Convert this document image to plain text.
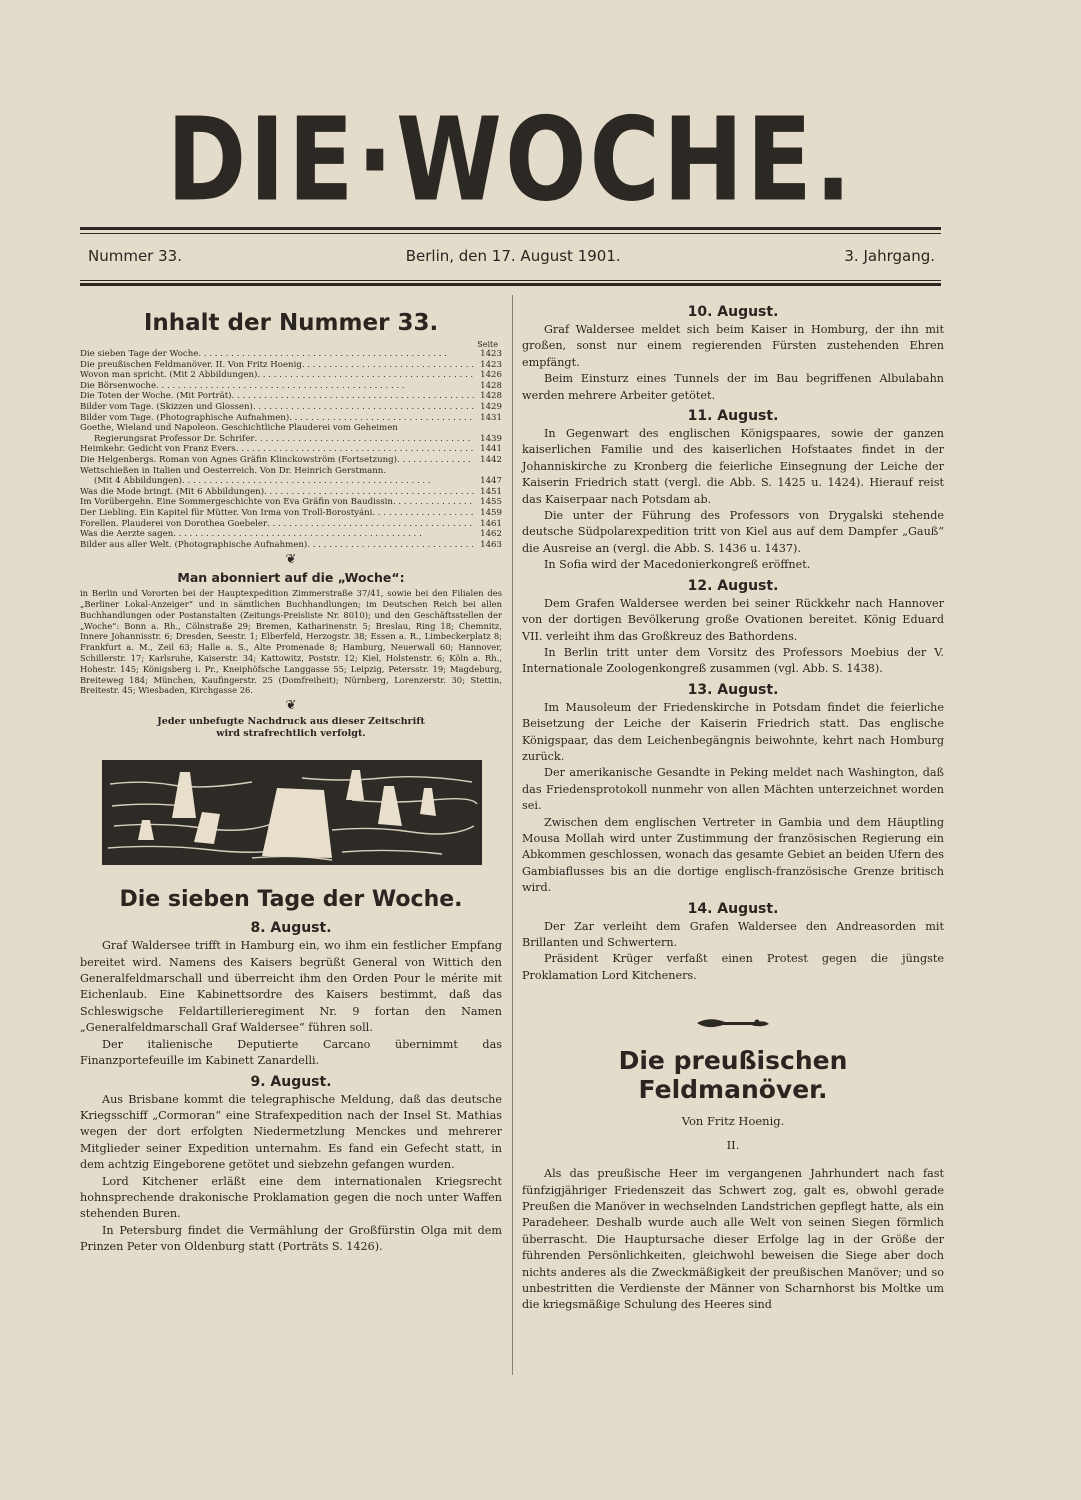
DIE·WOCHE.
Nummer 33.	Berlin, den 17. August 1901.	3. Jahrgang.
Inhalt der Nummer 33.
Seite
Die sieben Tage der Woche . . .	1423
Die preußischen Feldmanöver. II. Von Fritz Hoenig . . .	1423
Wovon man spricht. (Mit 2 Abbildungen) . . .	1426
Die Börsenwoche . . .	1428
Die Toten der Woche. (Mit Porträt) . . .	1428
Bilder vom Tage. (Skizzen und Glossen) . . .	1429
Bilder vom Tage. (Photographische Aufnahmen) . . .	1431
Goethe, Wieland und Napoleon. Geschichtliche Plauderei vom Geheimen
Regierungsrat Professor Dr. Schrifer . . .	1439
Heimkehr. Gedicht von Franz Evers . . .	1441
Die Helgenbergs. Roman von Agnes Gräfin Klinckowström (Fortsetzung) . . .	1442
Wettschießen in Italien und Oesterreich. Von Dr. Heinrich Gerstmann.
(Mit 4 Abbildungen) . . .	1447
Was die Mode bringt. (Mit 6 Abbildungen) . . .	1451
Im Vorübergehn. Eine Sommergeschichte von Eva Gräfin von Baudissin . . .	1455
Der Liebling. Ein Kapitel für Mütter. Von Irma von Troll-Borostyáni . . .	1459
Forellen. Plauderei von Dorothea Goebeler . . .	1461
Was die Aerzte sagen . . .	1462
Bilder aus aller Welt. (Photographische Aufnahmen) . . .	1463
❦
Man abonniert auf die „Woche“:
in Berlin und Vororten bei der Hauptexpedition Zimmerstraße 37/41, sowie bei den Filialen des „Berliner Lokal-Anzeiger“ und in sämtlichen Buchhandlungen; im Deutschen Reich bei allen Buchhandlungen oder Postanstalten (Zeitungs-Preisliste Nr. 8010); und den Geschäftsstellen der „Woche“: Bonn a. Rh., Cölnstraße 29; Bremen, Katharinenstr. 5; Breslau, Ring 18; Chemnitz, Innere Johannisstr. 6; Dresden, Seestr. 1; Elberfeld, Herzogstr. 38; Essen a. R., Limbeckerplatz 8; Frankfurt a. M., Zeil 63; Halle a. S., Alte Promenade 8; Hamburg, Neuerwall 60; Hannover, Schillerstr. 17; Karlsruhe, Kaiserstr. 34; Kattowitz, Poststr. 12; Kiel, Holstenstr. 6; Köln a. Rh., Hohestr. 145; Königsberg i. Pr., Kneiphöfsche Langgasse 55; Leipzig, Petersstr. 19; Magdeburg, Breiteweg 184; München, Kaufingerstr. 25 (Domfreiheit); Nürnberg, Lorenzerstr. 30; Stettin, Breitestr. 45; Wiesbaden, Kirchgasse 26.
❦
Jeder unbefugte Nachdruck aus dieser Zeitschrift
wird strafrechtlich verfolgt.
Die sieben Tage der Woche.
8. August.

Graf Waldersee trifft in Hamburg ein, wo ihm ein festlicher Empfang bereitet wird. Namens des Kaisers begrüßt General von Wittich den Generalfeldmarschall und überreicht ihm den Orden Pour le mérite mit Eichenlaub. Eine Kabinettsordre des Kaisers bestimmt, daß das Schleswigsche Feldartillerieregiment Nr. 9 fortan den Namen „Generalfeldmarschall Graf Waldersee“ führen soll.

Der italienische Deputierte Carcano übernimmt das Finanzportefeuille im Kabinett Zanardelli.

9. August.

Aus Brisbane kommt die telegraphische Meldung, daß das deutsche Kriegsschiff „Cormoran“ eine Strafexpedition nach der Insel St. Mathias wegen der dort erfolgten Niedermetzlung Menckes und mehrerer Mitglieder seiner Expedition unternahm. Es fand ein Gefecht statt, in dem achtzig Eingeborene getötet und siebzehn gefangen wurden.

Lord Kitchener erläßt eine dem internationalen Kriegsrecht hohnsprechende drakonische Proklamation gegen die noch unter Waffen stehenden Buren.

In Petersburg findet die Vermählung der Großfürstin Olga mit dem Prinzen Peter von Oldenburg statt (Porträts S. 1426).

10. August.

Graf Waldersee meldet sich beim Kaiser in Homburg, der ihn mit großen, sonst nur einem regierenden Fürsten zustehenden Ehren empfängt.

Beim Einsturz eines Tunnels der im Bau begriffenen Albulabahn werden mehrere Arbeiter getötet.

11. August.

In Gegenwart des englischen Königspaares, sowie der ganzen kaiserlichen Familie und des kaiserlichen Hofstaates findet in der Johanniskirche zu Kronberg die feierliche Einsegnung der Leiche der Kaiserin Friedrich statt (vergl. die Abb. S. 1425 u. 1424). Hierauf reist das Kaiserpaar nach Potsdam ab.

Die unter der Führung des Professors von Drygalski stehende deutsche Südpolarexpedition tritt von Kiel aus auf dem Dampfer „Gauß“ die Ausreise an (vergl. die Abb. S. 1436 u. 1437).

In Sofia wird der Macedonierkongreß eröffnet.

12. August.

Dem Grafen Waldersee werden bei seiner Rückkehr nach Hannover von der dortigen Bevölkerung große Ovationen bereitet. König Eduard VII. verleiht ihm das Großkreuz des Bathordens.

In Berlin tritt unter dem Vorsitz des Professors Moebius der V. Internationale Zoologenkongreß zusammen (vgl. Abb. S. 1438).

13. August.

Im Mausoleum der Friedenskirche in Potsdam findet die feierliche Beisetzung der Leiche der Kaiserin Friedrich statt. Das englische Königspaar, das dem Leichenbegängnis beiwohnte, kehrt nach Homburg zurück.

Der amerikanische Gesandte in Peking meldet nach Washington, daß das Friedensprotokoll nunmehr von allen Mächten unterzeichnet worden sei.

Zwischen dem englischen Vertreter in Gambia und dem Häuptling Mousa Mollah wird unter Zustimmung der französischen Regierung ein Abkommen geschlossen, wonach das gesamte Gebiet an beiden Ufern des Gambiaflusses bis an die dortige englisch-französische Grenze britisch wird.

14. August.

Der Zar verleiht dem Grafen Waldersee den Andreasorden mit Brillanten und Schwertern.

Präsident Krüger verfaßt einen Protest gegen die jüngste Proklamation Lord Kitcheners.

Die preußischen Feldmanöver.
Von Fritz Hoenig.
II.

Als das preußische Heer im vergangenen Jahrhundert nach fast fünfzigjähriger Friedenszeit das Schwert zog, galt es, obwohl gerade Preußen die Manöver in wechselnden Landstrichen gepflegt hatte, als ein Paradeheer. Deshalb wurde auch alle Welt von seinen Siegen förmlich überrascht. Die Hauptursache dieser Erfolge lag in der Größe der führenden Persönlichkeiten, gleichwohl beweisen die Siege aber doch nichts anderes als die Zweckmäßigkeit der preußischen Manöver; und so unbestritten die Verdienste der Männer von Scharnhorst bis Moltke um die kriegsmäßige Schulung des Heeres sind
